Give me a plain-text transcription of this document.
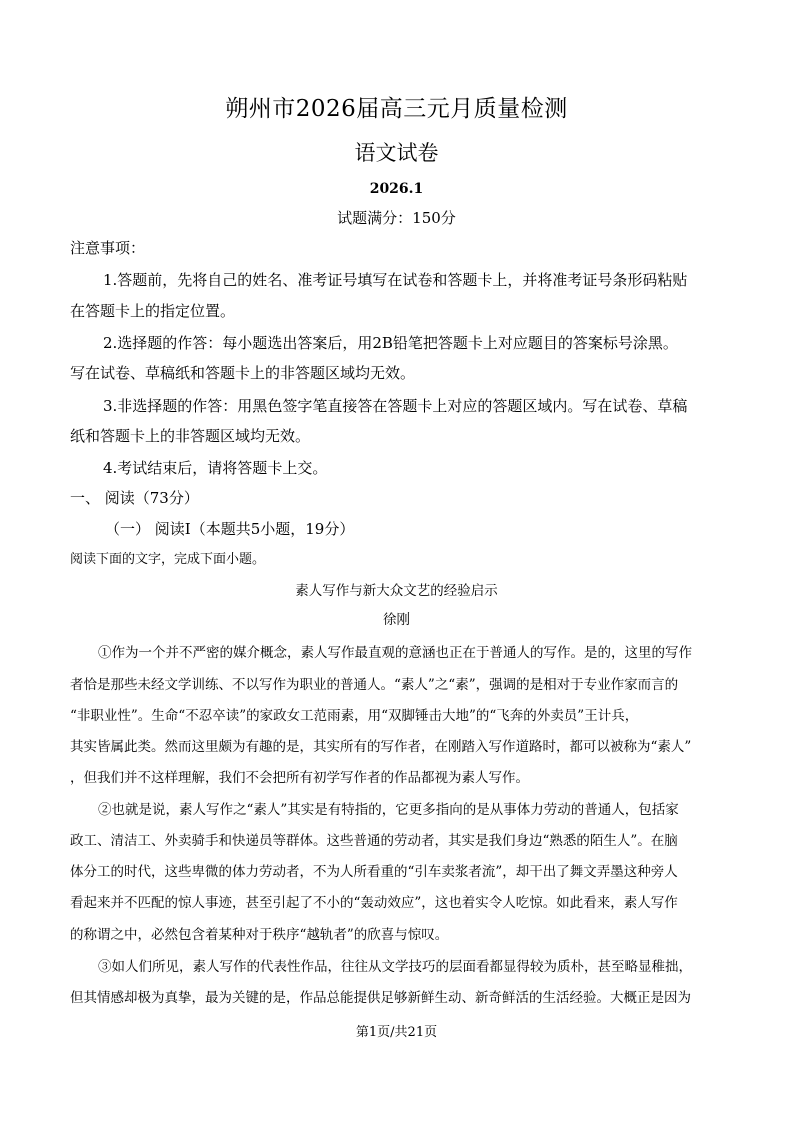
朔州市2026届高三元月质量检测
语文试卷
2026.1
试题满分：150分
注意事项：
1.答题前，先将自己的姓名、准考证号填写在试卷和答题卡上，并将准考证号条形码粘贴
在答题卡上的指定位置。
2.选择题的作答：每小题选出答案后，用2B铅笔把答题卡上对应题目的答案标号涂黑。
写在试卷、草稿纸和答题卡上的非答题区域均无效。
3.非选择题的作答：用黑色签字笔直接答在答题卡上对应的答题区域内。写在试卷、草稿
纸和答题卡上的非答题区域均无效。
4.考试结束后，请将答题卡上交。
一、 阅读（73分）
（一） 阅读Ⅰ（本题共5小题，19分）
阅读下面的文字，完成下面小题。
素人写作与新大众文艺的经验启示
徐刚
①作为一个并不严密的媒介概念，素人写作最直观的意涵也正在于普通人的写作。是的，这里的写作
者恰是那些未经文学训练、不以写作为职业的普通人。“素人”之“素”，强调的是相对于专业作家而言的
“非职业性”。生命“不忍卒读”的家政女工范雨素，用“双脚锤击大地”的“飞奔的外卖员”王计兵，
其实皆属此类。然而这里颇为有趣的是，其实所有的写作者，在刚踏入写作道路时，都可以被称为“素人”
，但我们并不这样理解，我们不会把所有初学写作者的作品都视为素人写作。
②也就是说，素人写作之“素人”其实是有特指的，它更多指向的是从事体力劳动的普通人，包括家
政工、清洁工、外卖骑手和快递员等群体。这些普通的劳动者，其实是我们身边“熟悉的陌生人”。在脑
体分工的时代，这些卑微的体力劳动者，不为人所看重的“引车卖浆者流”，却干出了舞文弄墨这种旁人
看起来并不匹配的惊人事迹，甚至引起了不小的“轰动效应”，这也着实令人吃惊。如此看来，素人写作
的称谓之中，必然包含着某种对于秩序“越轨者”的欣喜与惊叹。
③如人们所见，素人写作的代表性作品，往往从文学技巧的层面看都显得较为质朴，甚至略显稚拙，
但其情感却极为真挚，最为关键的是，作品总能提供足够新鲜生动、新奇鲜活的生活经验。大概正是因为
第1页/共21页
